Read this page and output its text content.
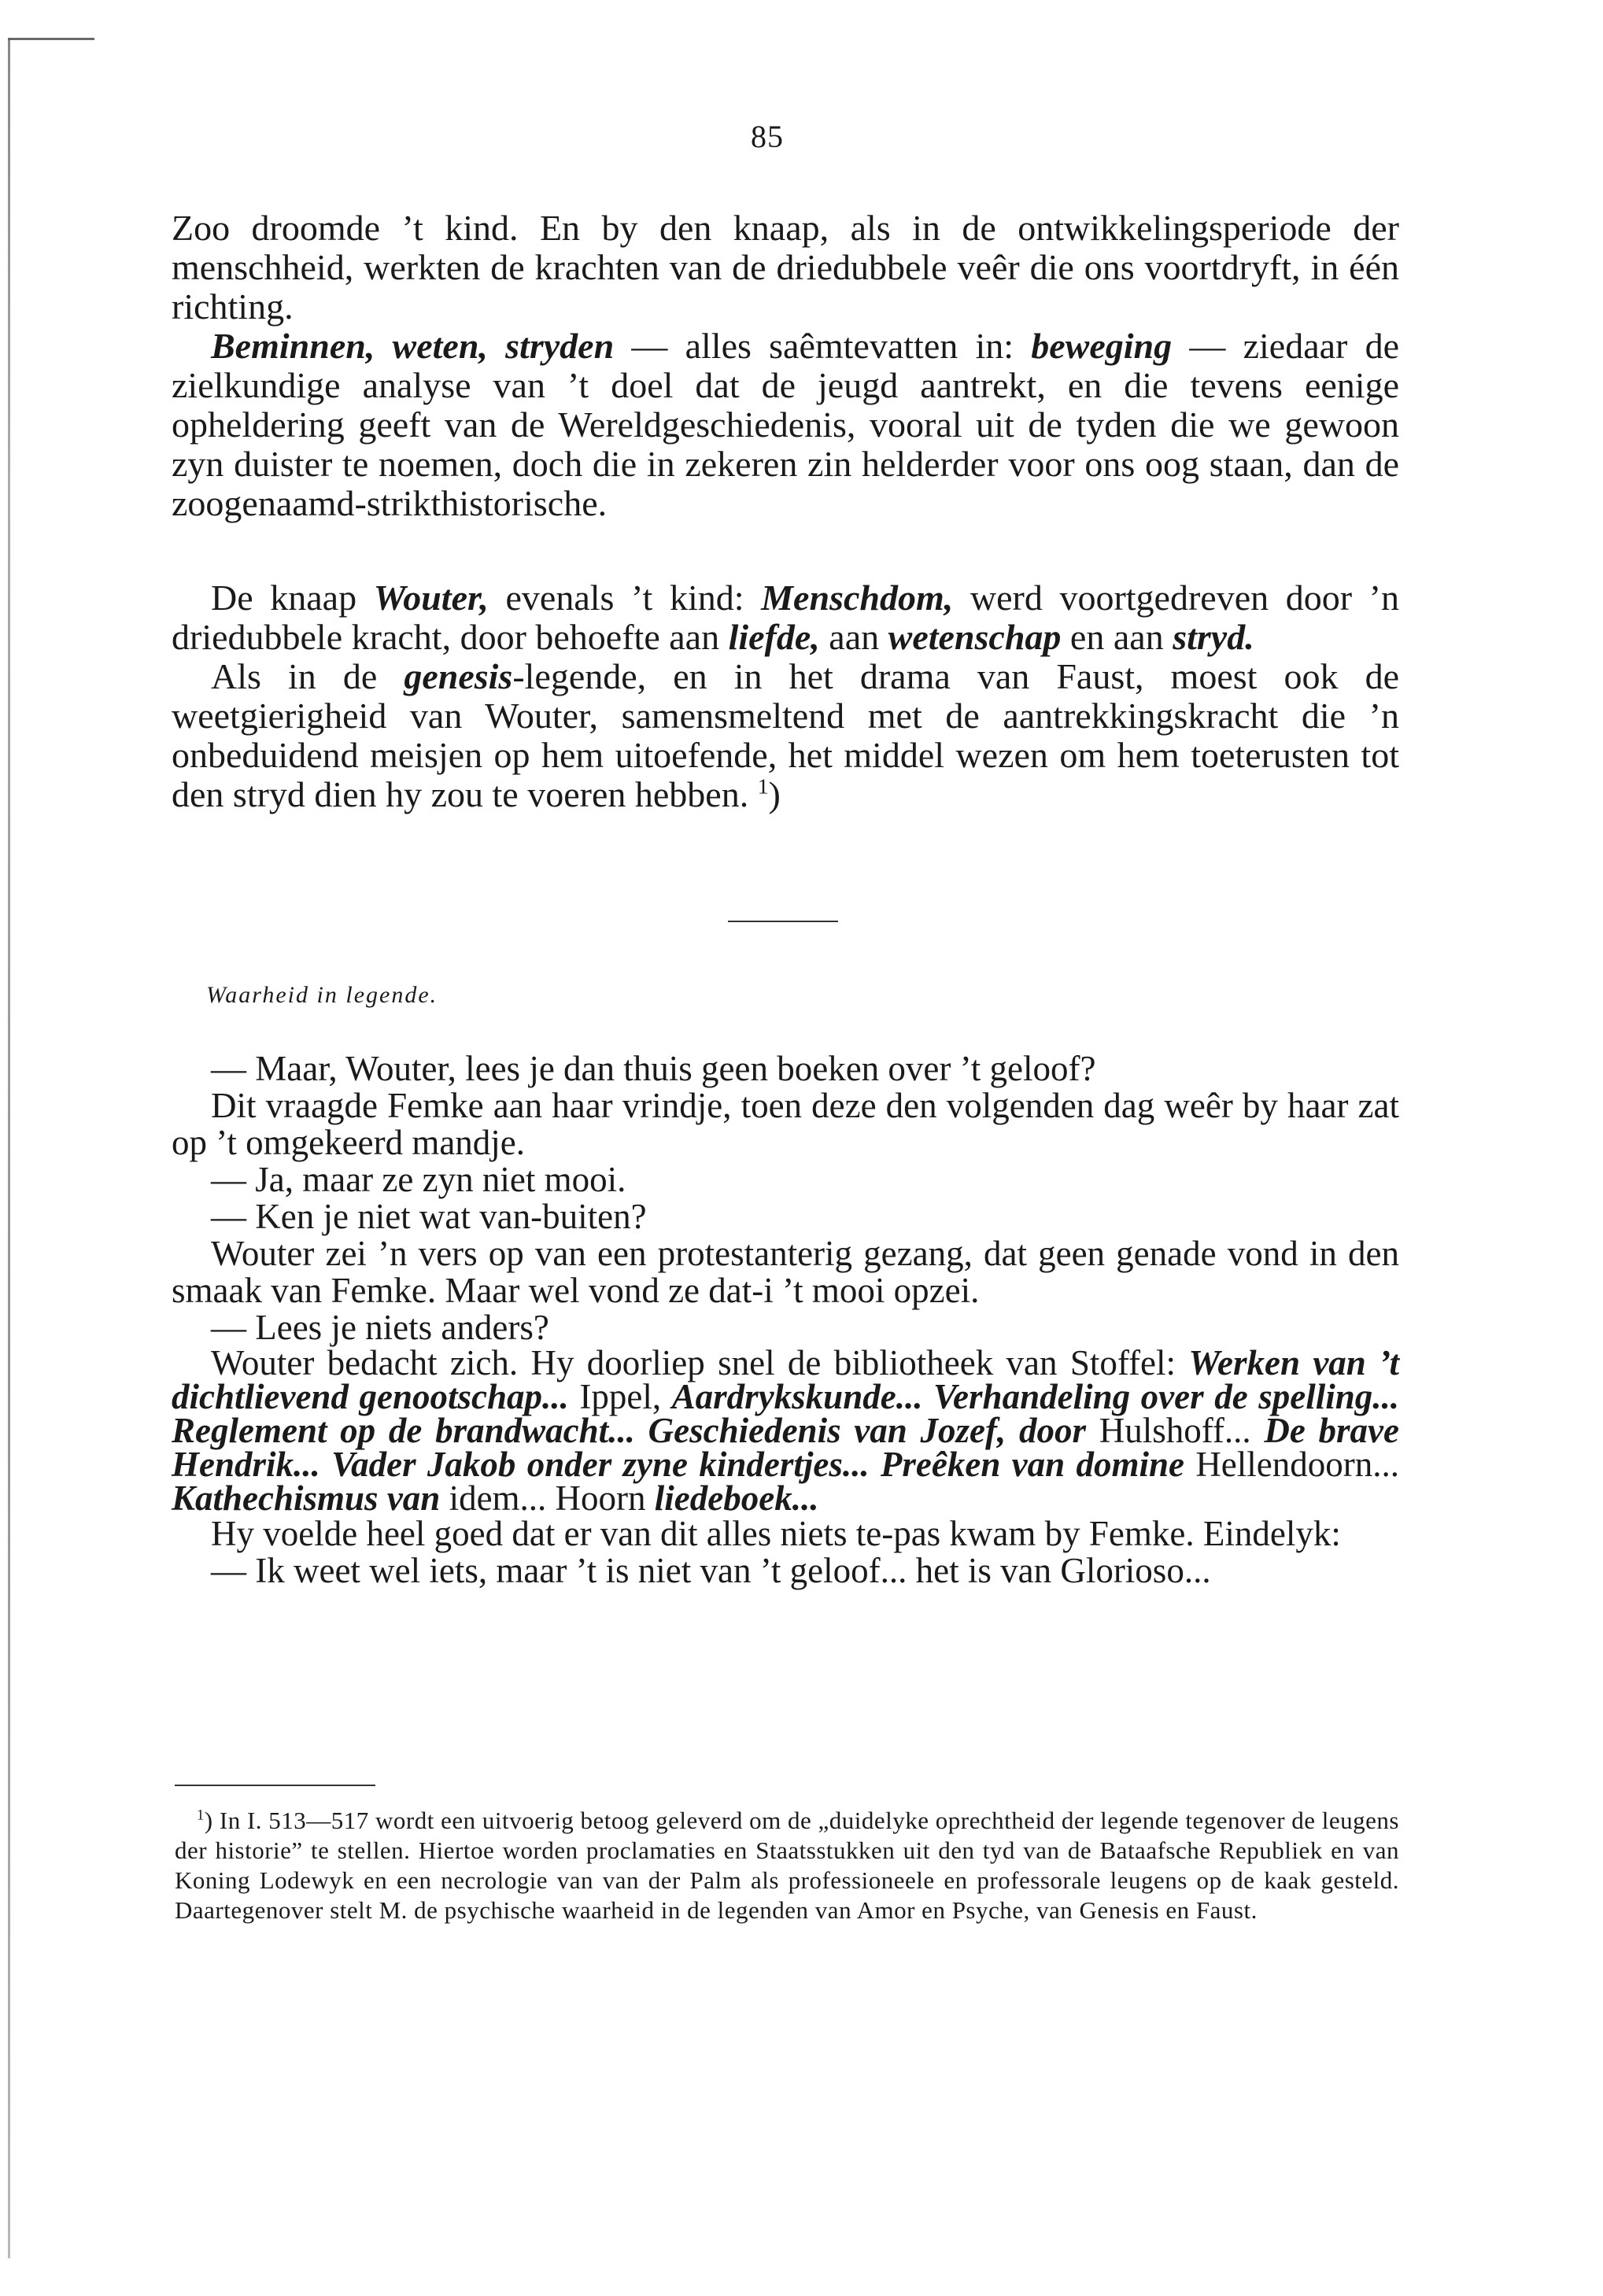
85

Zoo droomde ’t kind. En by den knaap, als in de ontwikkelingsperiode der menschheid, werkten de krachten van de driedubbele veêr die ons voortdryft, in één richting.

Beminnen, weten, stryden — alles saêmtevatten in: beweging — ziedaar de zielkundige analyse van ’t doel dat de jeugd aantrekt, en die tevens eenige opheldering geeft van de Wereldgeschiedenis, vooral uit de tyden die we gewoon zyn duister te noemen, doch die in zekeren zin helderder voor ons oog staan, dan de zoogenaamd-strikthistorische.

De knaap Wouter, evenals ’t kind: Menschdom, werd voortgedreven door ’n driedubbele kracht, door behoefte aan liefde, aan wetenschap en aan stryd.

Als in de genesis-legende, en in het drama van Faust, moest ook de weetgierigheid van Wouter, samensmeltend met de aantrekkingskracht die ’n onbeduidend meisjen op hem uitoefende, het middel wezen om hem toeterusten tot den stryd dien hy zou te voeren hebben. $^1$)

Waarheid in legende.

— Maar, Wouter, lees je dan thuis geen boeken over ’t geloof?

Dit vraagde Femke aan haar vrindje, toen deze den volgenden dag weêr by haar zat op ’t omgekeerd mandje.

— Ja, maar ze zyn niet mooi.

— Ken je niet wat van-buiten?

Wouter zei ’n vers op van een protestanterig gezang, dat geen genade vond in den smaak van Femke. Maar wel vond ze dat-i ’t mooi opzei.

— Lees je niets anders?

Wouter bedacht zich. Hy doorliep snel de bibliotheek van Stoffel: Werken van ’t dichtlievend genootschap... Ippel, Aardrykskunde... Verhandeling over de spelling... Reglement op de brandwacht... Geschiedenis van Jozef, door Hulshoff... De brave Hendrik... Vader Jakob onder zyne kindertjes... Preêken van domine Hellendoorn... Kathechismus van idem... Hoorn liedeboek...

Hy voelde heel goed dat er van dit alles niets te-pas kwam by Femke. Eindelyk:

— Ik weet wel iets, maar ’t is niet van ’t geloof... het is van Glorioso...

$^1$) In I. 513—517 wordt een uitvoerig betoog geleverd om de „duidelyke oprechtheid der legende tegenover de leugens der historie” te stellen. Hiertoe worden proclamaties en Staatsstukken uit den tyd van de Bataafsche Republiek en van Koning Lodewyk en een necrologie van van der Palm als professioneele en professorale leugens op de kaak gesteld. Daartegenover stelt M. de psychische waarheid in de legenden van Amor en Psyche, van Genesis en Faust.
